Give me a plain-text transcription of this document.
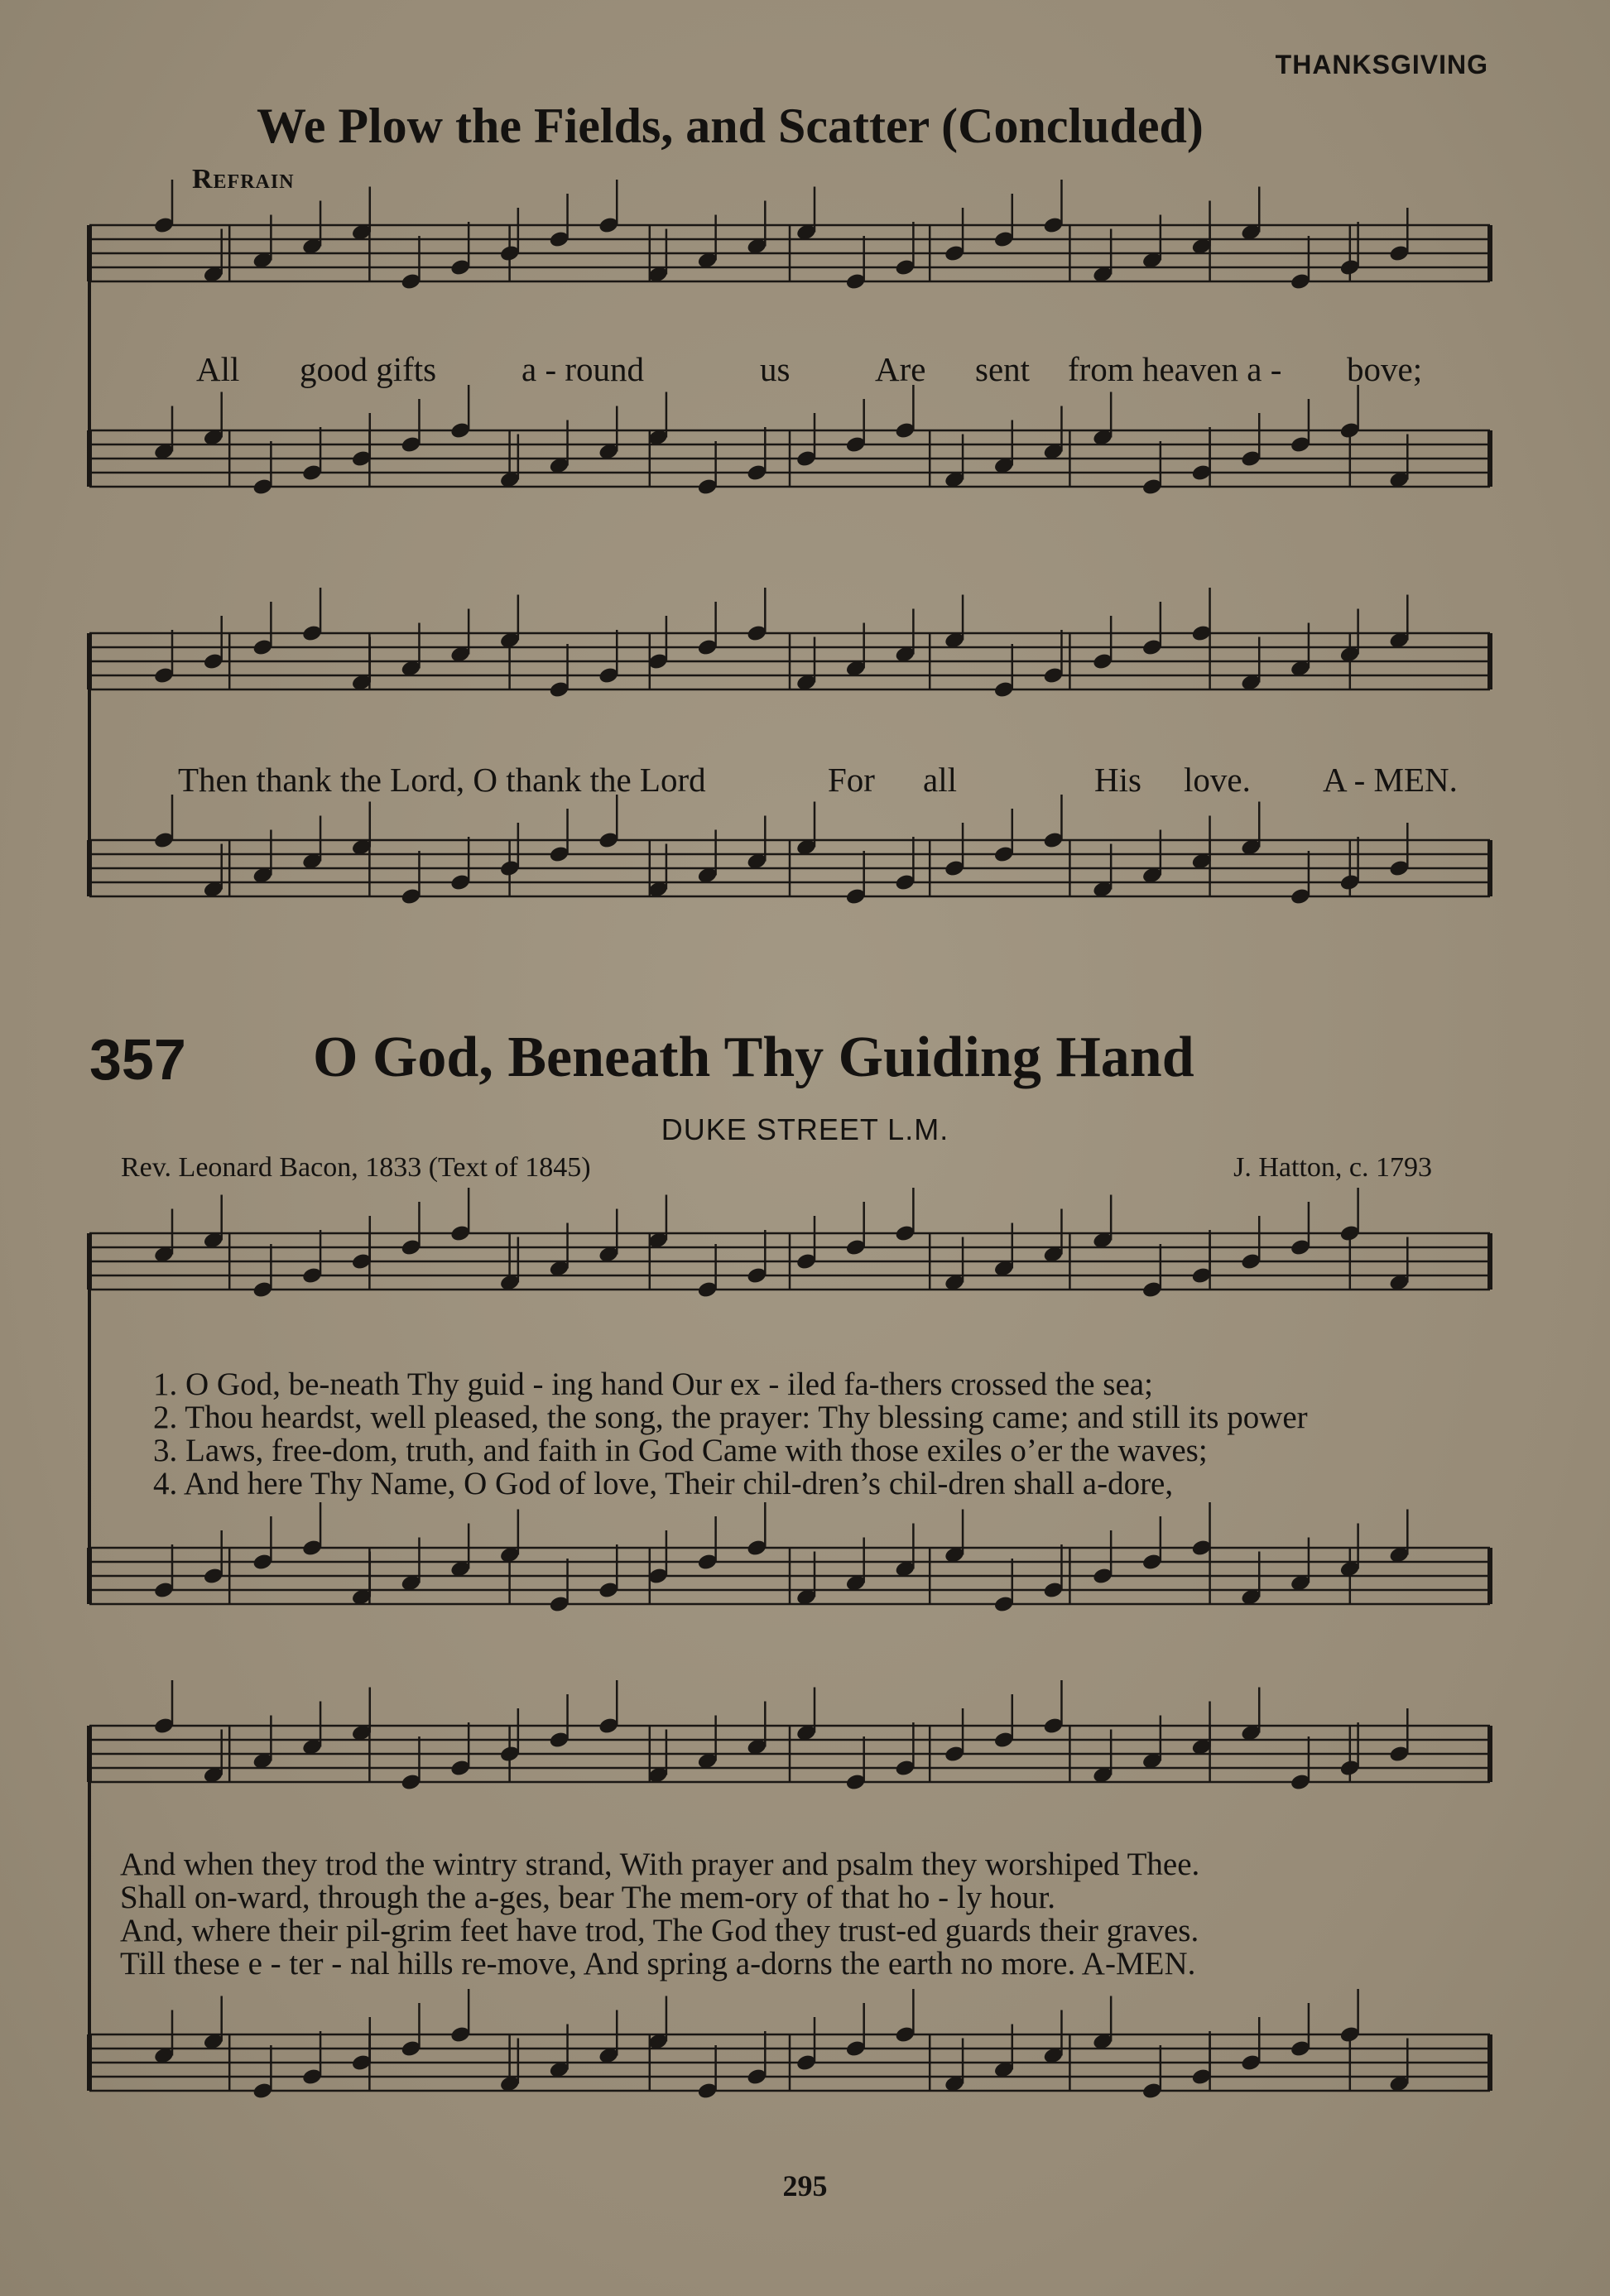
THANKSGIVING
We Plow the Fields, and Scatter (Concluded)
Refrain
All good gifts	a - round	us	Are sent from heaven a - bove;
Then thank the Lord, O thank the Lord	For all	His love. A - MEN.
357 O God, Beneath Thy Guiding Hand
DUKE STREET L.M.
Rev. Leonard Bacon, 1833 (Text of 1845)	J. Hatton, c. 1793
1. O God, be-neath Thy guid - ing hand Our ex - iled fa-thers crossed the sea;
2. Thou heardst, well pleased, the song, the prayer: Thy blessing came; and still its power
3. Laws, free-dom, truth, and faith in God Came with those exiles o’er the waves;
4. And here Thy Name, O God of love, Their chil-dren’s chil-dren shall a-dore,
And when they trod the wintry strand, With prayer and psalm they worshiped Thee.
Shall on-ward, through the a-ges, bear The mem-ory of that ho - ly hour.
And, where their pil-grim feet have trod, The God they trust-ed guards their graves.
Till these e - ter - nal hills re-move, And spring a-dorns the earth no more. A-MEN.
295
